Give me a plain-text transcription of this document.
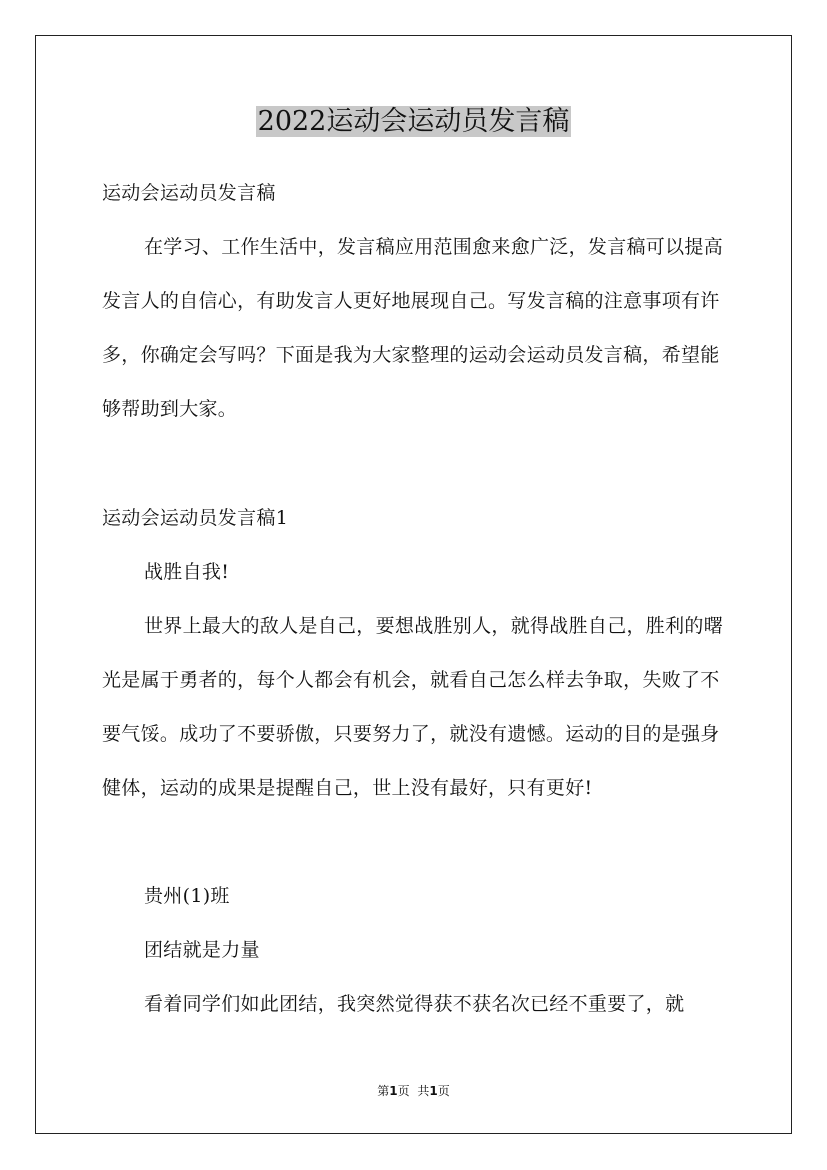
2022运动会运动员发言稿
运动会运动员发言稿
在学习、工作生活中，发言稿应用范围愈来愈广泛，发言稿可以提高发言人的自信心，有助发言人更好地展现自己。写发言稿的注意事项有许多，你确定会写吗？下面是我为大家整理的运动会运动员发言稿，希望能够帮助到大家。
运动会运动员发言稿1
战胜自我!
世界上最大的敌人是自己，要想战胜别人，就得战胜自己，胜利的曙光是属于勇者的，每个人都会有机会，就看自己怎么样去争取，失败了不要气馁。成功了不要骄傲，只要努力了，就没有遗憾。运动的目的是强身健体，运动的成果是提醒自己，世上没有最好，只有更好!
贵州(1)班
团结就是力量
看着同学们如此团结，我突然觉得获不获名次已经不重要了，就
第1页 共1页
